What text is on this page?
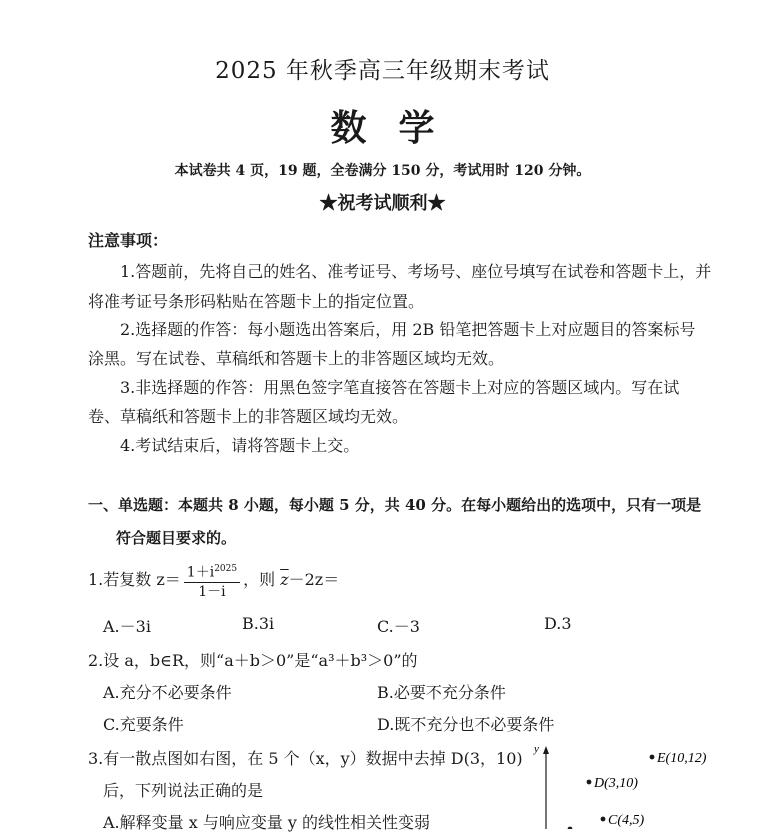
2025 年秋季高三年级期末考试
数学
本试卷共 4 页，19 题，全卷满分 150 分，考试用时 120 分钟。
★祝考试顺利★
注意事项：
1.答题前，先将自己的姓名、准考证号、考场号、座位号填写在试卷和答题卡上，并
将准考证号条形码粘贴在答题卡上的指定位置。
2.选择题的作答：每小题选出答案后，用 2B 铅笔把答题卡上对应题目的答案标号
涂黑。写在试卷、草稿纸和答题卡上的非答题区域均无效。
3.非选择题的作答：用黑色签字笔直接答在答题卡上对应的答题区域内。写在试
卷、草稿纸和答题卡上的非答题区域均无效。
4.考试结束后，请将答题卡上交。
一、单选题：本题共 8 小题，每小题 5 分，共 40 分。在每小题给出的选项中，只有一项是
符合题目要求的。
1.若复数 $z= \frac{1+i^{2025}}{1-i}$ ，则 $\overline{z}-2z=$
A.－3i	B.3i	C.－3	D.3
2.设 a，b∈R，则“a＋b＞0”是“a³＋b³＞0”的
A.充分不必要条件	B.必要不充分条件
C.充要条件	D.既不充分也不必要条件
3.有一散点图如右图，在 5 个（x，y）数据中去掉 D(3，10)
后，下列说法正确的是
A.解释变量 x 与响应变量 y 的线性相关性变弱
y
E(10,12)
D(3,10)
C(4,5)
